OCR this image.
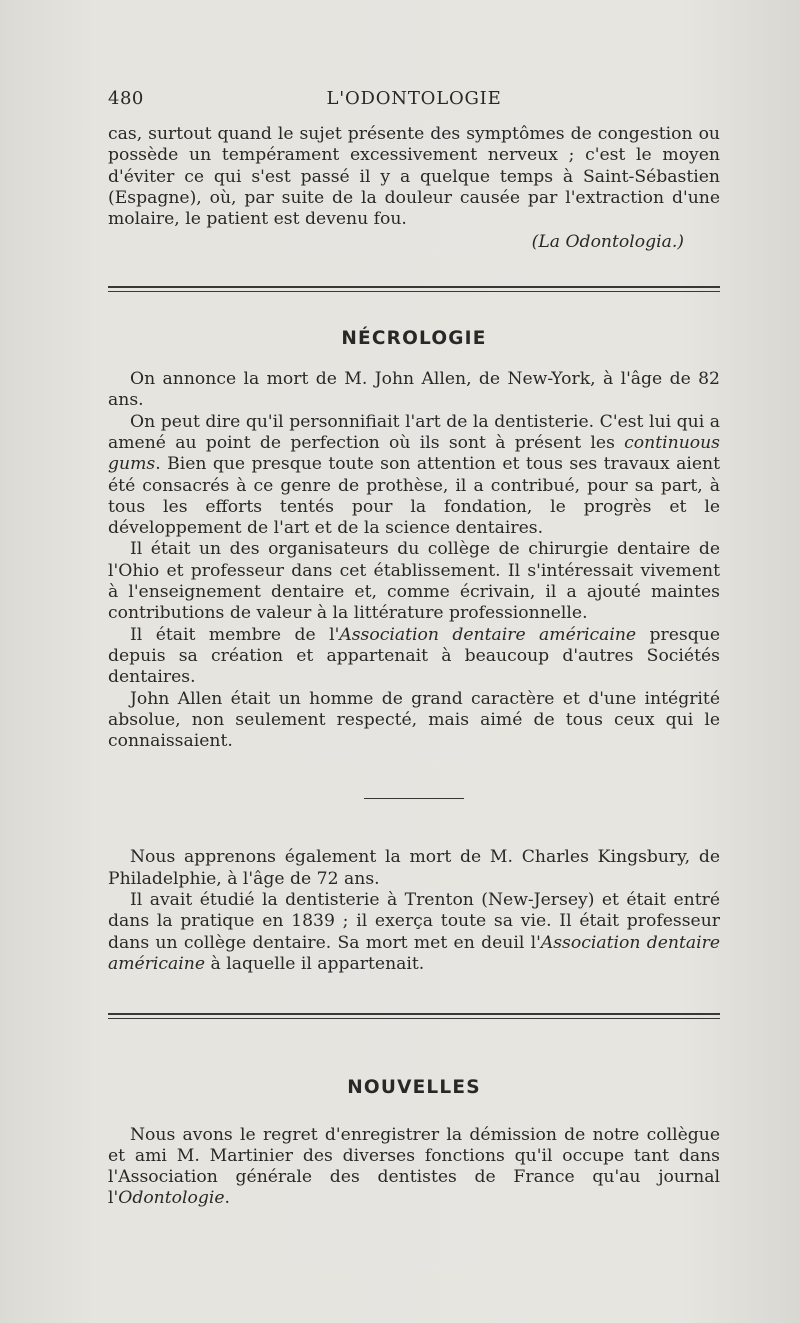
480	L'ODONTOLOGIE

cas, surtout quand le sujet présente des symptômes de congestion ou possède un tempérament excessivement nerveux ; c'est le moyen d'éviter ce qui s'est passé il y a quelque temps à Saint-Sébastien (Espagne), où, par suite de la douleur causée par l'extraction d'une molaire, le patient est devenu fou.

(La Odontologia.)

NÉCROLOGIE

On annonce la mort de M. John Allen, de New-York, à l'âge de 82 ans.

On peut dire qu'il personnifiait l'art de la dentisterie. C'est lui qui a amené au point de perfection où ils sont à présent les continuous gums. Bien que presque toute son attention et tous ses travaux aient été consacrés à ce genre de prothèse, il a contribué, pour sa part, à tous les efforts tentés pour la fondation, le progrès et le développement de l'art et de la science dentaires.

Il était un des organisateurs du collège de chirurgie dentaire de l'Ohio et professeur dans cet établissement. Il s'intéressait vivement à l'enseignement dentaire et, comme écrivain, il a ajouté maintes contributions de valeur à la littérature professionnelle.

Il était membre de l'Association dentaire américaine presque depuis sa création et appartenait à beaucoup d'autres Sociétés dentaires.

John Allen était un homme de grand caractère et d'une intégrité absolue, non seulement respecté, mais aimé de tous ceux qui le connaissaient.

Nous apprenons également la mort de M. Charles Kingsbury, de Philadelphie, à l'âge de 72 ans.

Il avait étudié la dentisterie à Trenton (New-Jersey) et était entré dans la pratique en 1839 ; il exerça toute sa vie. Il était professeur dans un collège dentaire. Sa mort met en deuil l'Association dentaire américaine à laquelle il appartenait.

NOUVELLES

Nous avons le regret d'enregistrer la démission de notre collègue et ami M. Martinier des diverses fonctions qu'il occupe tant dans l'Association générale des dentistes de France qu'au journal l'Odontologie.
